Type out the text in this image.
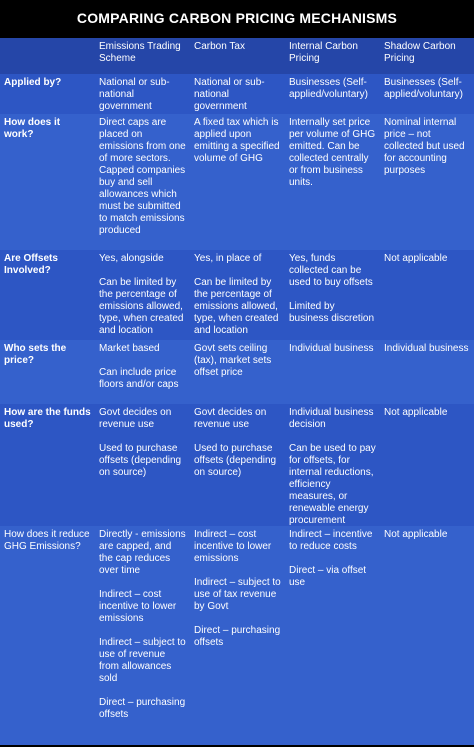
COMPARING CARBON PRICING MECHANISMS
Emissions Trading Scheme
Carbon Tax	Internal Carbon Pricing
Shadow Carbon Pricing
Applied by?	National or sub-national government
National or sub-national government
Businesses (Self-applied/voluntary)
Businesses (Self-applied/voluntary)
How does it work?
Direct caps are placed on emissions from one of more sectors. Capped companies buy and sell allowances which must be submitted to match emissions produced
A fixed tax which is applied upon emitting a specified volume of GHG
Internally set price per volume of GHG emitted. Can be collected centrally or from business units.
Nominal internal price – not collected but used for accounting purposes
Are Offsets Involved?
Yes, alongside
Can be limited by the percentage of emissions allowed, type, when created and location
Yes, in place of
Can be limited by the percentage of emissions allowed, type, when created and location
Yes, funds collected can be used to buy offsets
Limited by business discretion
Not applicable
Who sets the price?
Market based
Can include price floors and/or caps
Govt sets ceiling (tax), market sets offset price
Individual business Individual business
How are the funds used?
Govt decides on revenue use
Used to purchase offsets (depending on source)
Govt decides on revenue use
Used to purchase offsets (depending on source)
Individual business decision
Can be used to pay for offsets, for internal reductions, efficiency measures, or renewable energy procurement
Not applicable
How does it reduce GHG Emissions?
Directly - emissions are capped, and the cap reduces over time
Indirect – cost incentive to lower emissions
Indirect – subject to use of revenue from allowances sold
Direct – purchasing offsets
Indirect – cost incentive to lower emissions
Indirect – subject to use of tax revenue by Govt
Direct – purchasing offsets
Indirect – incentive to reduce costs
Direct – via offset use
Not applicable
